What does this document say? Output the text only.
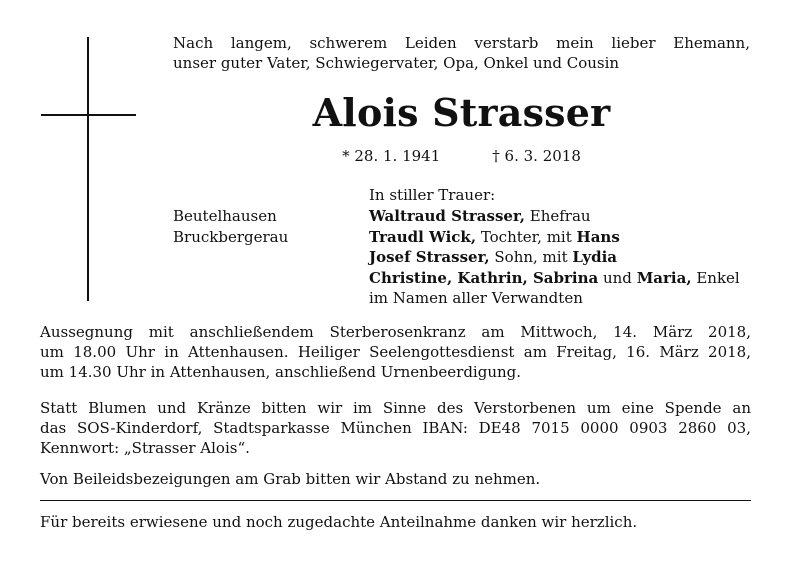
Nach langem, schwerem Leiden verstarb mein lieber Ehemann,
unser guter Vater, Schwiegervater, Opa, Onkel und Cousin
Alois Strasser
* 28. 1. 1941	† 6. 3. 2018
In stiller Trauer:
Beutelhausen
Bruckbergerau
Waltraud Strasser, Ehefrau
Traudl Wick, Tochter, mit Hans
Josef Strasser, Sohn, mit Lydia
Christine, Kathrin, Sabrina und Maria, Enkel
im Namen aller Verwandten
Aussegnung mit anschließendem Sterberosenkranz am Mittwoch, 14. März 2018,
um 18.00 Uhr in Attenhausen. Heiliger Seelengottesdienst am Freitag, 16. März 2018,
um 14.30 Uhr in Attenhausen, anschließend Urnenbeerdigung.
Statt Blumen und Kränze bitten wir im Sinne des Verstorbenen um eine Spende an
das SOS-Kinderdorf, Stadtsparkasse München IBAN: DE48 7015 0000 0903 2860 03,
Kennwort: „Strasser Alois“.
Von Beileidsbezeigungen am Grab bitten wir Abstand zu nehmen.
Für bereits erwiesene und noch zugedachte Anteilnahme danken wir herzlich.
